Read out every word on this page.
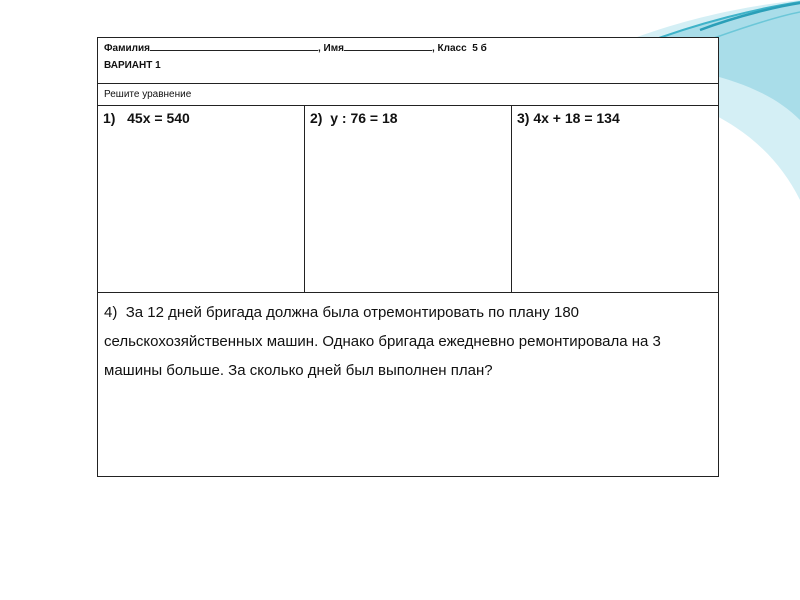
Фамилия	, Имя	, Класс 5 б
ВАРИАНТ 1
Решите уравнение
1) 45х = 540	2) у : 76 = 18	3) 4х + 18 = 134
4) За 12 дней бригада должна была отремонтировать по плану 180 сельскохозяйственных машин. Однако бригада ежедневно ремонтировала на 3 машины больше. За сколько дней был выполнен план?
